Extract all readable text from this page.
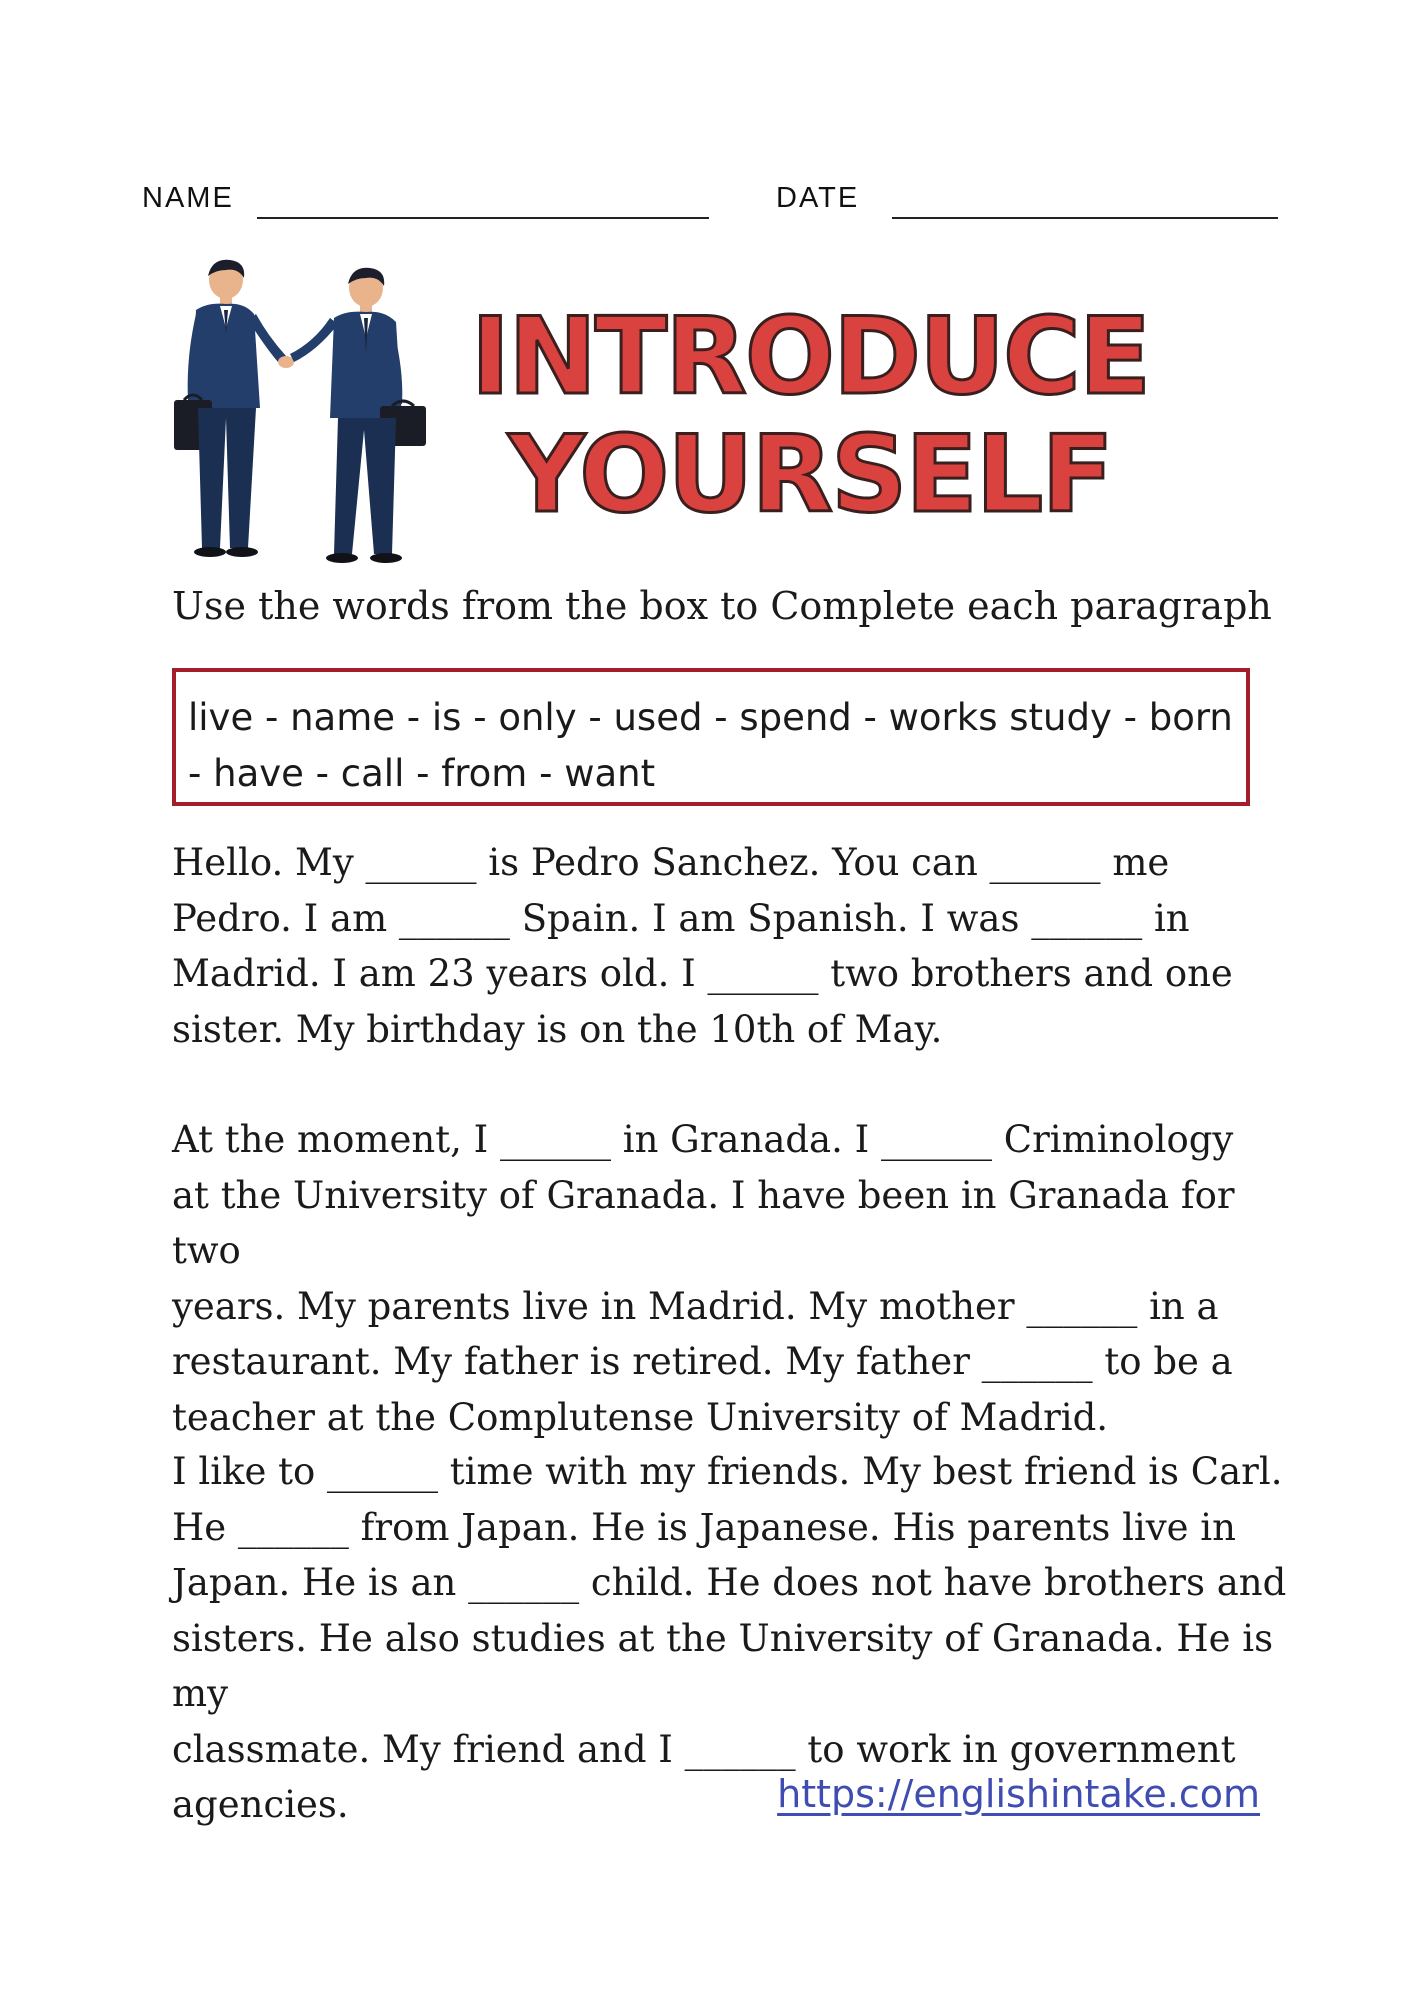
NAME	DATE
INTRODUCE
YOURSELF
Use the words from the box to Complete each paragraph
live - name - is - only - used - spend - works study - born
- have - call - from - want
Hello. My ______ is Pedro Sanchez. You can ______ me
Pedro. I am ______ Spain. I am Spanish. I was ______ in
Madrid. I am 23 years old. I ______ two brothers and one
sister. My birthday is on the 10th of May.
At the moment, I ______ in Granada. I ______ Criminology
at the University of Granada. I have been in Granada for two
years. My parents live in Madrid. My mother ______ in a
restaurant. My father is retired. My father ______ to be a
teacher at the Complutense University of Madrid.
I like to ______ time with my friends. My best friend is Carl.
He ______ from Japan. He is Japanese. His parents live in
Japan. He is an ______ child. He does not have brothers and
sisters. He also studies at the University of Granada. He is my
classmate. My friend and I ______ to work in government
agencies.	https://englishintake.com
